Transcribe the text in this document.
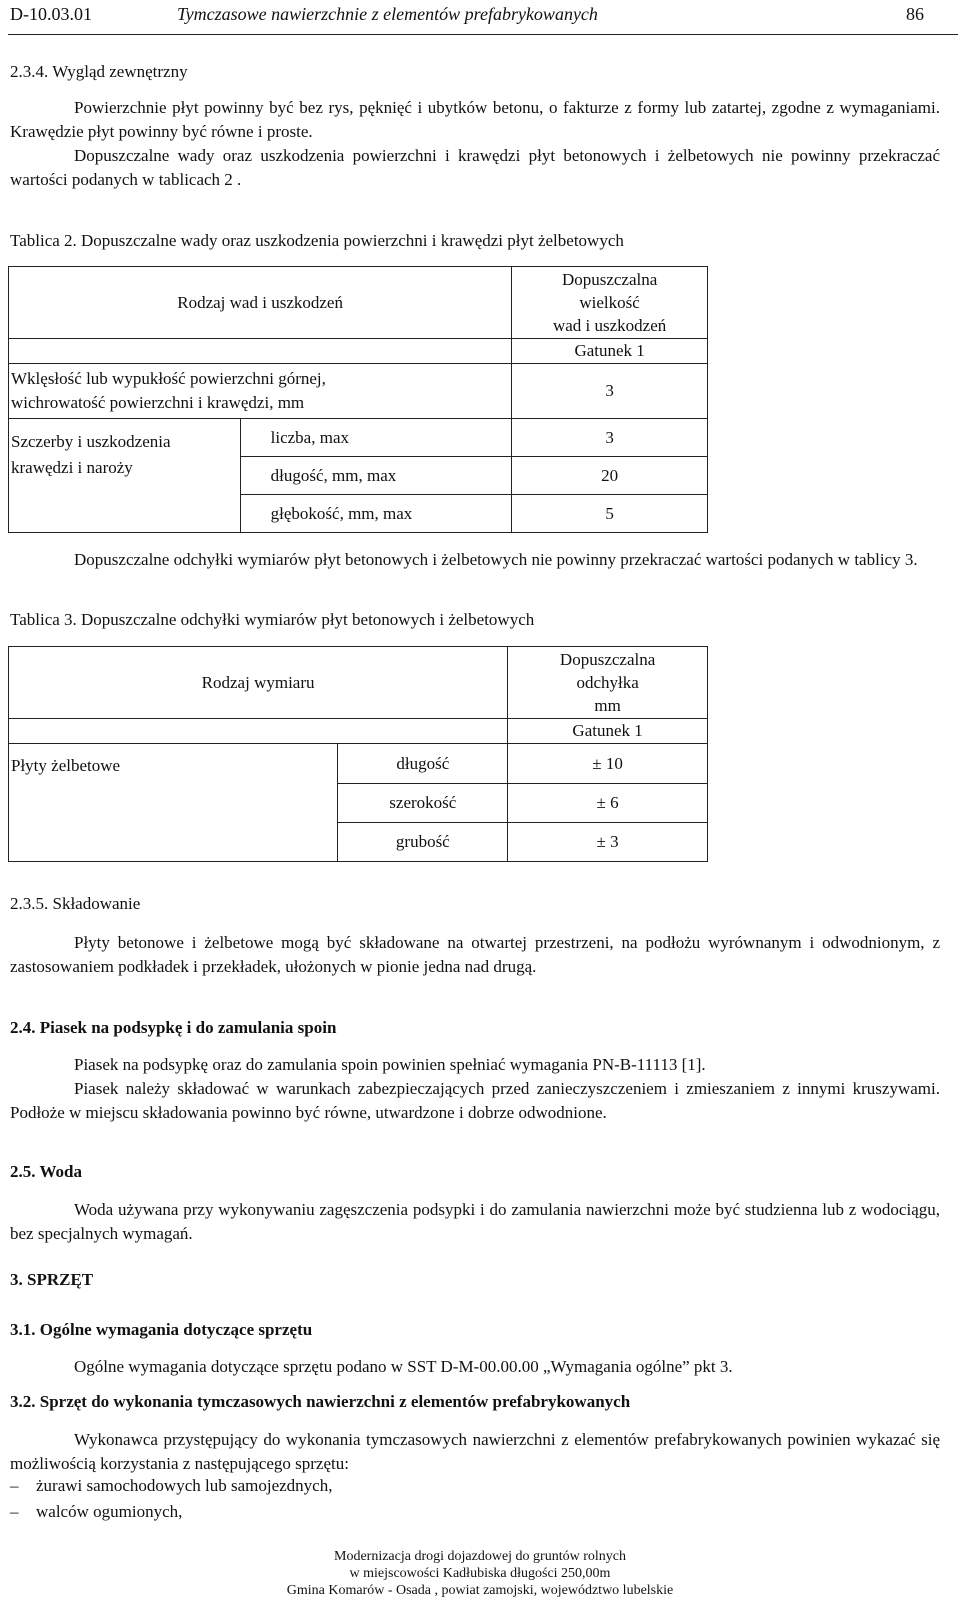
D-10.03.01	Tymczasowe nawierzchnie z elementów prefabrykowanych	86
2.3.4. Wygląd zewnętrzny
Powierzchnie płyt powinny być bez rys, pęknięć i ubytków betonu, o fakturze z formy lub zatartej, zgodne z wymaganiami. Krawędzie płyt powinny być równe i proste.
Dopuszczalne wady oraz uszkodzenia powierzchni i krawędzi płyt betonowych i żelbetowych nie powinny przekraczać wartości podanych w tablicach 2 .
Tablica 2. Dopuszczalne wady oraz uszkodzenia powierzchni i krawędzi płyt żelbetowych
Rodzaj wad i uszkodzeń		Dopuszczalna
wielkość
wad i uszkodzeń

		Gatunek 1

Wklęsłość lub wypukłość powierzchni górnej,
wichrowatość powierzchni i krawędzi, mm		3

Szczerby i uszkodzenia
krawędzi i naroży	liczba, max	3
	długość, mm, max	20
	głębokość, mm, max	5
Dopuszczalne odchyłki wymiarów płyt betonowych i żelbetowych nie powinny przekraczać wartości podanych w tablicy 3.
Tablica 3. Dopuszczalne odchyłki wymiarów płyt betonowych i żelbetowych
Rodzaj wymiaru		Dopuszczalna
odchyłka
mm

		Gatunek 1
Płyty żelbetowe	długość	± 10
	szerokość	± 6
	grubość	± 3
2.3.5. Składowanie
Płyty betonowe i żelbetowe mogą być składowane na otwartej przestrzeni, na podłożu wyrównanym i odwodnionym, z zastosowaniem podkładek i przekładek, ułożonych w pionie jedna nad drugą.
2.4. Piasek na podsypkę i do zamulania spoin
Piasek na podsypkę oraz do zamulania spoin powinien spełniać wymagania PN-B-11113 [1].
Piasek należy składować w warunkach zabezpieczających przed zanieczyszczeniem i zmieszaniem z innymi kruszywami. Podłoże w miejscu składowania powinno być równe, utwardzone i dobrze odwodnione.
2.5. Woda
Woda używana przy wykonywaniu zagęszczenia podsypki i do zamulania nawierzchni może być studzienna lub z wodociągu, bez specjalnych wymagań.
3. SPRZĘT
3.1. Ogólne wymagania dotyczące sprzętu
Ogólne wymagania dotyczące sprzętu podano w SST D-M-00.00.00 „Wymagania ogólne” pkt 3.
3.2. Sprzęt do wykonania tymczasowych nawierzchni z elementów prefabrykowanych
Wykonawca przystępujący do wykonania tymczasowych nawierzchni z elementów prefabrykowanych powinien wykazać się możliwością korzystania z następującego sprzętu:
– żurawi samochodowych lub samojezdnych,
– walców ogumionych,
Modernizacja drogi dojazdowej do gruntów rolnych
w miejscowości Kadłubiska długości 250,00m
Gmina Komarów - Osada , powiat zamojski, województwo lubelskie
